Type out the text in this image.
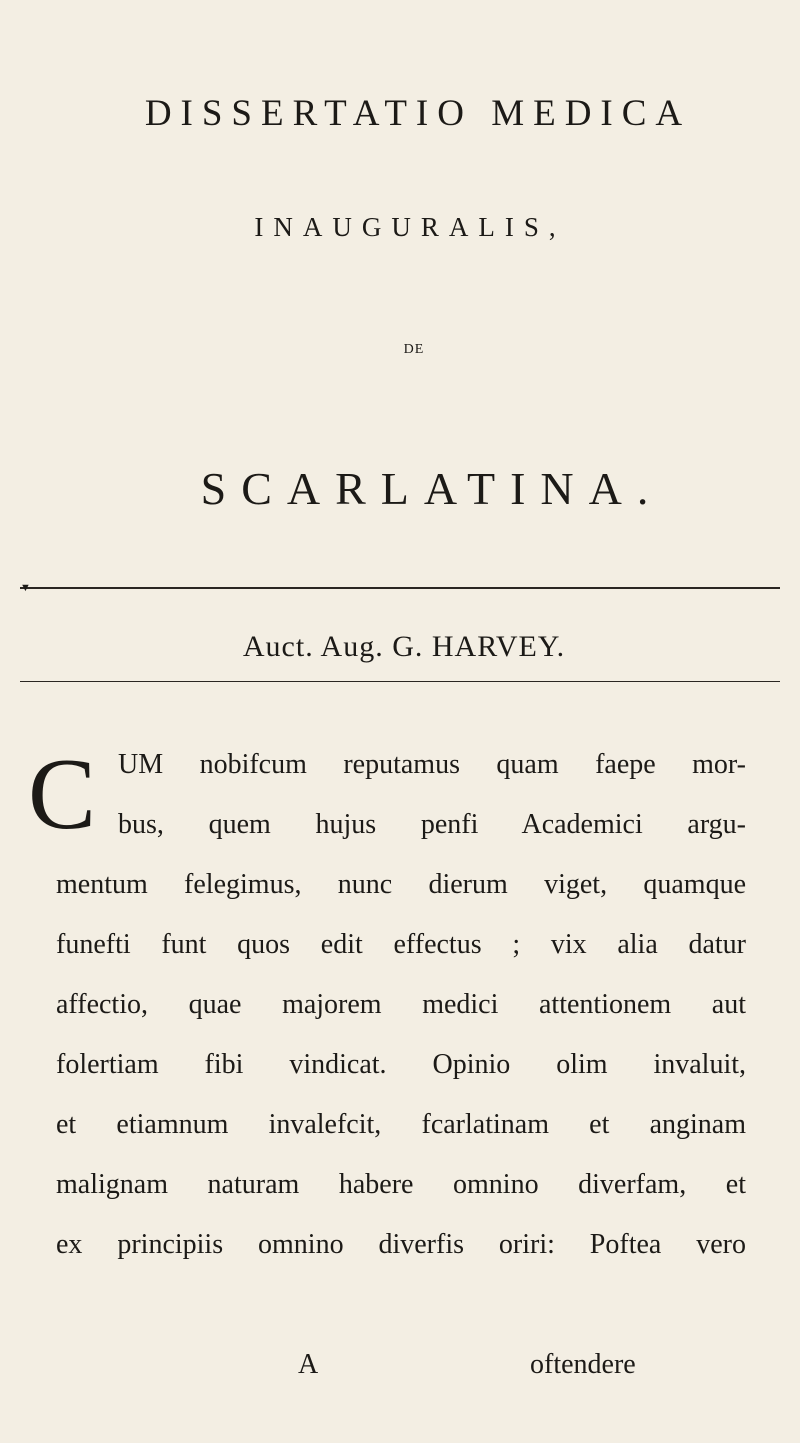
DISSERTATIO MEDICA
INAUGURALIS,
DE
SCARLATINA.
▼
Auct. Aug. G. HARVEY.
C UM nobifcum reputamus quam faepe mor-
bus, quem hujus penfi Academici argu-
mentum felegimus, nunc dierum viget, quamque
funefti funt quos edit effectus ; vix alia datur
affectio, quae majorem medici attentionem aut
folertiam fibi vindicat. Opinio olim invaluit,
et etiamnum invalefcit, fcarlatinam et anginam
malignam naturam habere omnino diverfam, et
ex principiis omnino diverfis oriri: Poftea vero
A	oftendere
